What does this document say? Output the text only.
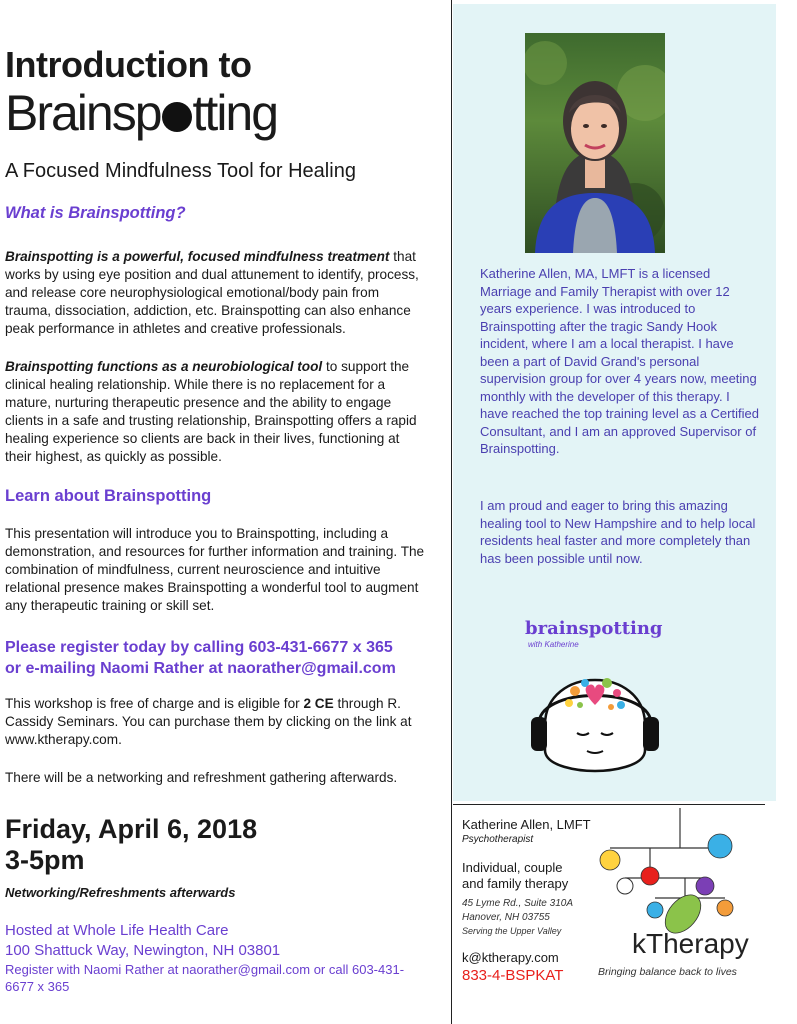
Introduction to
Brainsp tting
A Focused Mindfulness Tool for Healing
What is Brainspotting?
Brainspotting is a powerful, focused mindfulness treatment that works by using eye position and dual attunement to identify, process, and release core neurophysiological emotional/body pain from trauma, dissociation, addiction, etc. Brainspotting can also enhance peak performance in athletes and creative professionals.
Brainspotting functions as a neurobiological tool to support the clinical healing relationship. While there is no replacement for a mature, nurturing therapeutic presence and the ability to engage clients in a safe and trusting relationship, Brainspotting offers a rapid healing experience so clients are back in their lives, functioning at their highest, as quickly as possible.
Learn about Brainspotting
This presentation will introduce you to Brainspotting, including a demonstration, and resources for further information and training. The combination of mindfulness, current neuroscience and intuitive relational presence makes Brainspotting a wonderful tool to augment any therapeutic training or skill set.
Please register today by calling 603-431-6677 x 365
or e-mailing Naomi Rather at naorather@gmail.com
This workshop is free of charge and is eligible for 2 CE through R. Cassidy Seminars. You can purchase them by clicking on the link at www.ktherapy.com.
There will be a networking and refreshment gathering afterwards.
Friday, April 6, 2018
3-5pm
Networking/Refreshments afterwards
Hosted at Whole Life Health Care
100 Shattuck Way, Newington, NH 03801
Register with Naomi Rather at naorather@gmail.com or call 603-431-6677 x 365
Katherine Allen, MA, LMFT is a licensed Marriage and Family Therapist with over 12 years experience. I was introduced to Brainspotting after the tragic Sandy Hook incident, where I am a local therapist. I have been a part of David Grand's personal supervision group for over 4 years now, meeting monthly with the developer of this therapy. I have reached the top training level as a Certified Consultant, and I am an approved Supervisor of Brainspotting.
I am proud and eager to bring this amazing healing tool to New Hampshire and to help local residents heal faster and more completely than has been possible until now.
brainspotting
with Katherine
Katherine Allen, LMFT
Psychotherapist
Individual, couple
and family therapy
45 Lyme Rd., Suite 310A
Hanover, NH 03755
Serving the Upper Valley
k@ktherapy.com
833-4-BSPKAT
kTherapy
Bringing balance back to lives
